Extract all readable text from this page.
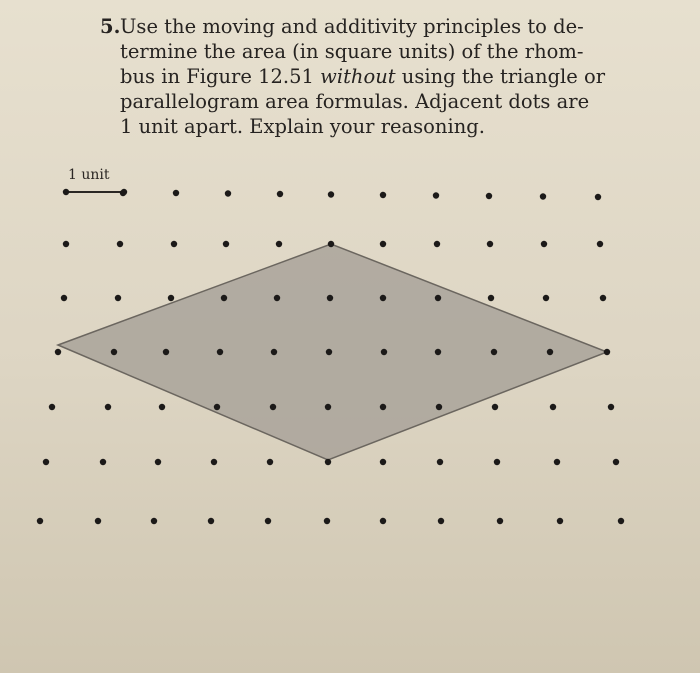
5. Use the moving and additivity principles to de-
termine the area (in square units) of the rhom-
bus in Figure 12.51 without using the triangle or
parallelogram area formulas. Adjacent dots are
1 unit apart. Explain your reasoning.
1 unit
